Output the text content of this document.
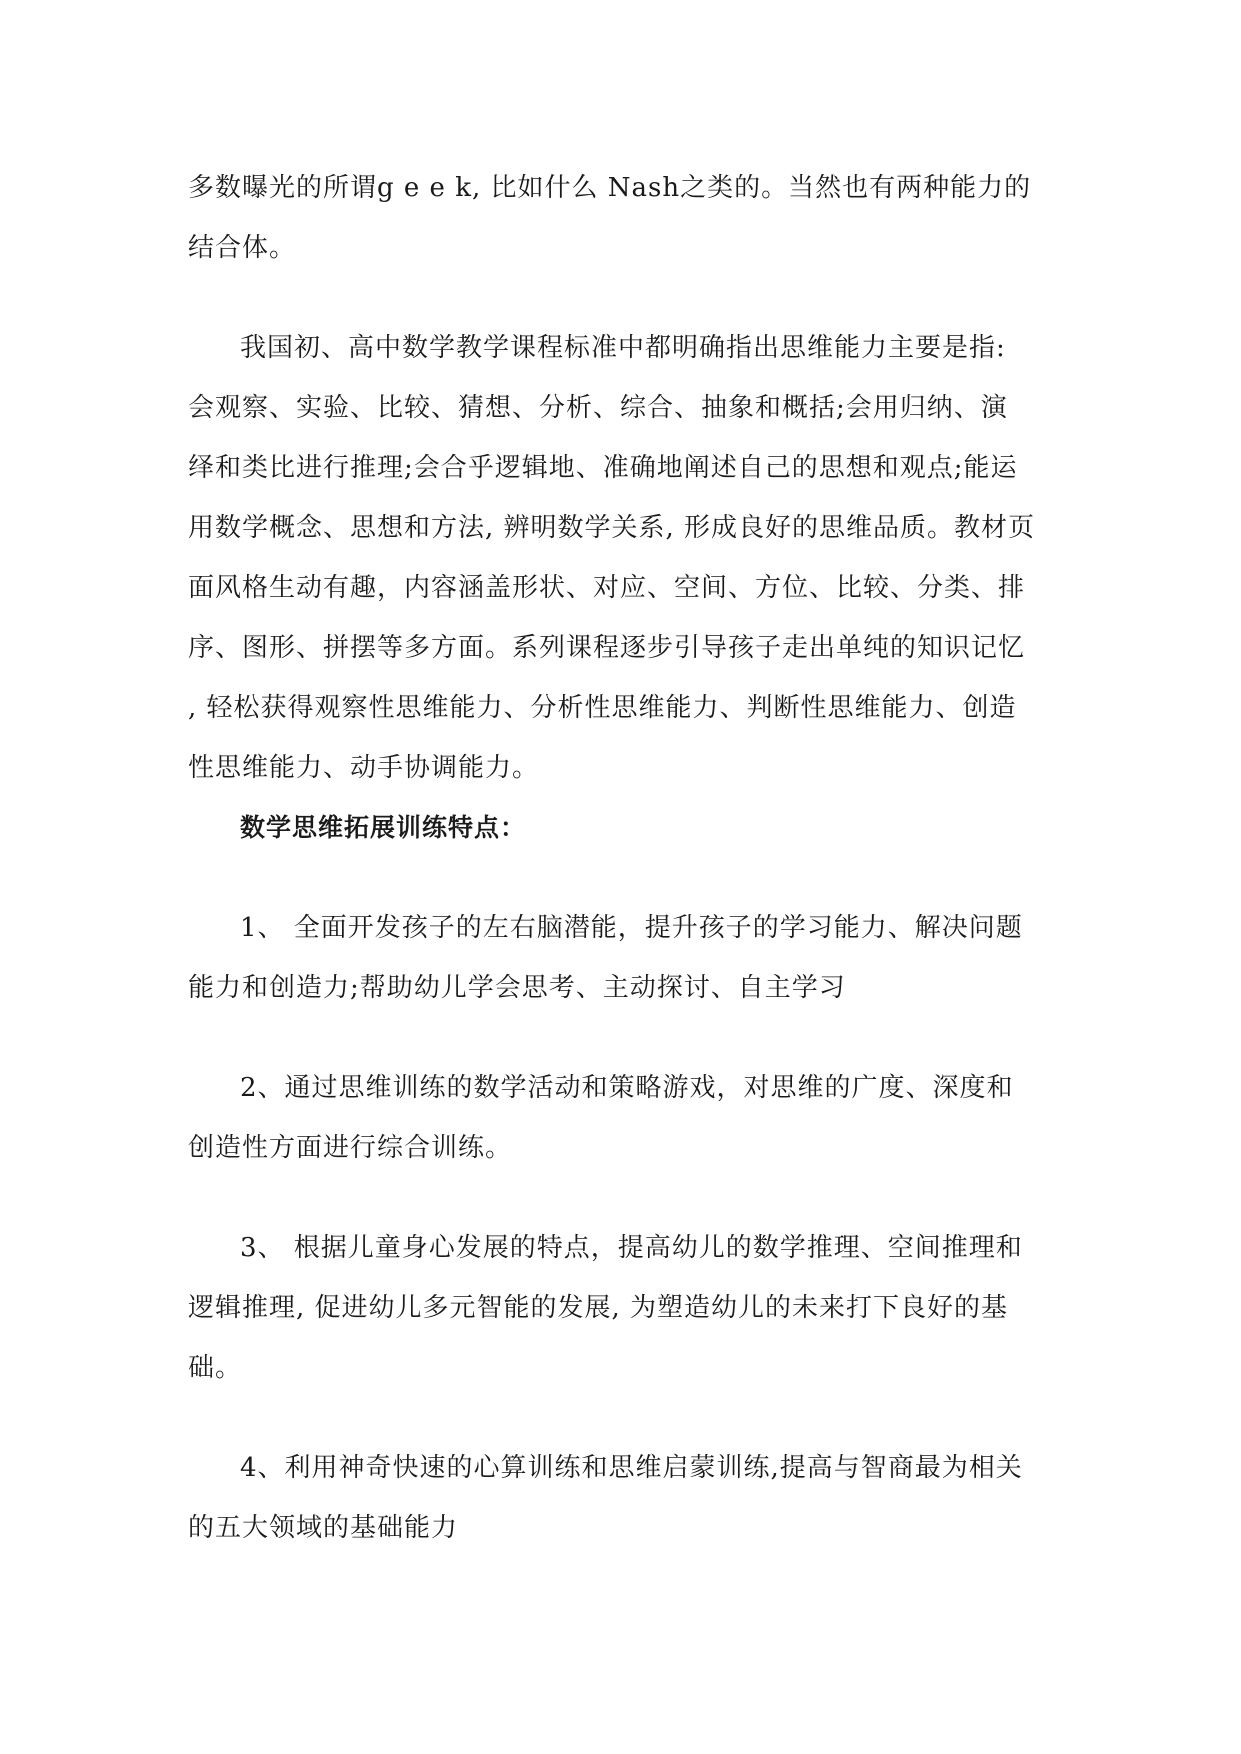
多数曝光的所谓g e e k, 比如什么 Nash之类的。当然也有两种能力的
结合体。

我国初、高中数学教学课程标准中都明确指出思维能力主要是指:
会观察、实验、比较、猜想、分析、综合、抽象和概括;会用归纳、演
绎和类比进行推理;会合乎逻辑地、准确地阐述自己的思想和观点;能运
用数学概念、思想和方法, 辨明数学关系, 形成良好的思维品质。教材页
面风格生动有趣，内容涵盖形状、对应、空间、方位、比较、分类、排
序、图形、拼摆等多方面。系列课程逐步引导孩子走出单纯的知识记忆
, 轻松获得观察性思维能力、分析性思维能力、判断性思维能力、创造
性思维能力、动手协调能力。

数学思维拓展训练特点：

1、 全面开发孩子的左右脑潜能，提升孩子的学习能力、解决问题
能力和创造力;帮助幼儿学会思考、主动探讨、自主学习

2、通过思维训练的数学活动和策略游戏，对思维的广度、深度和
创造性方面进行综合训练。

3、 根据儿童身心发展的特点，提高幼儿的数学推理、空间推理和
逻辑推理, 促进幼儿多元智能的发展, 为塑造幼儿的未来打下良好的基
础。

4、利用神奇快速的心算训练和思维启蒙训练,提高与智商最为相关
的五大领域的基础能力
